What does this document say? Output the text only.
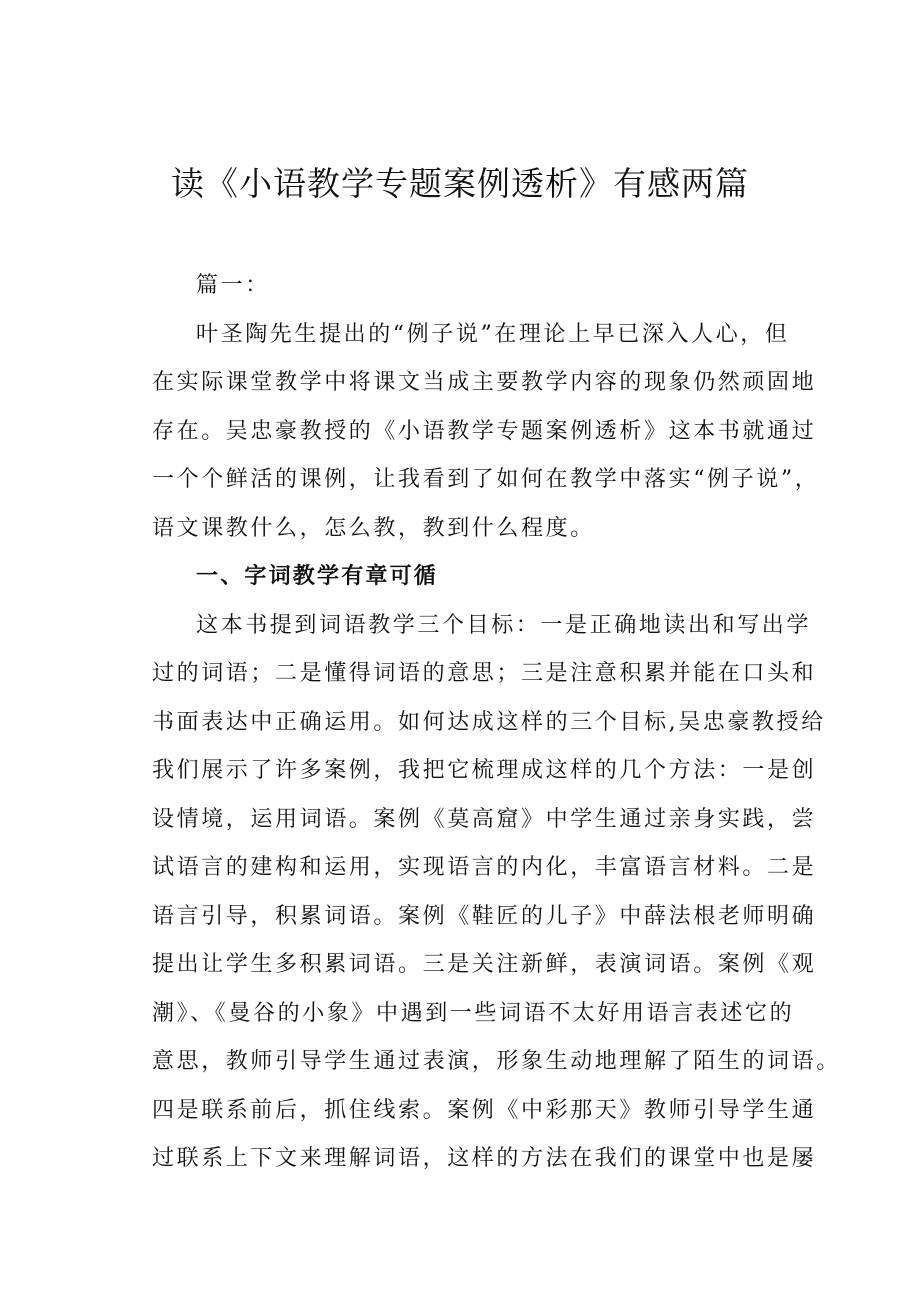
读《小语教学专题案例透析》有感两篇

篇一：

叶圣陶先生提出的“例子说”在理论上早已深入人心，但
在实际课堂教学中将课文当成主要教学内容的现象仍然顽固地
存在。吴忠豪教授的《小语教学专题案例透析》这本书就通过
一个个鲜活的课例，让我看到了如何在教学中落实“例子说”，
语文课教什么，怎么教，教到什么程度。

一、字词教学有章可循

这本书提到词语教学三个目标：一是正确地读出和写出学
过的词语；二是懂得词语的意思；三是注意积累并能在口头和
书面表达中正确运用。如何达成这样的三个目标,吴忠豪教授给
我们展示了许多案例，我把它梳理成这样的几个方法：一是创
设情境，运用词语。案例《莫高窟》中学生通过亲身实践，尝
试语言的建构和运用，实现语言的内化，丰富语言材料。二是
语言引导，积累词语。案例《鞋匠的儿子》中薛法根老师明确
提出让学生多积累词语。三是关注新鲜，表演词语。案例《观
潮》、《曼谷的小象》中遇到一些词语不太好用语言表述它的
意思，教师引导学生通过表演，形象生动地理解了陌生的词语。
四是联系前后，抓住线索。案例《中彩那天》教师引导学生通
过联系上下文来理解词语，这样的方法在我们的课堂中也是屡
